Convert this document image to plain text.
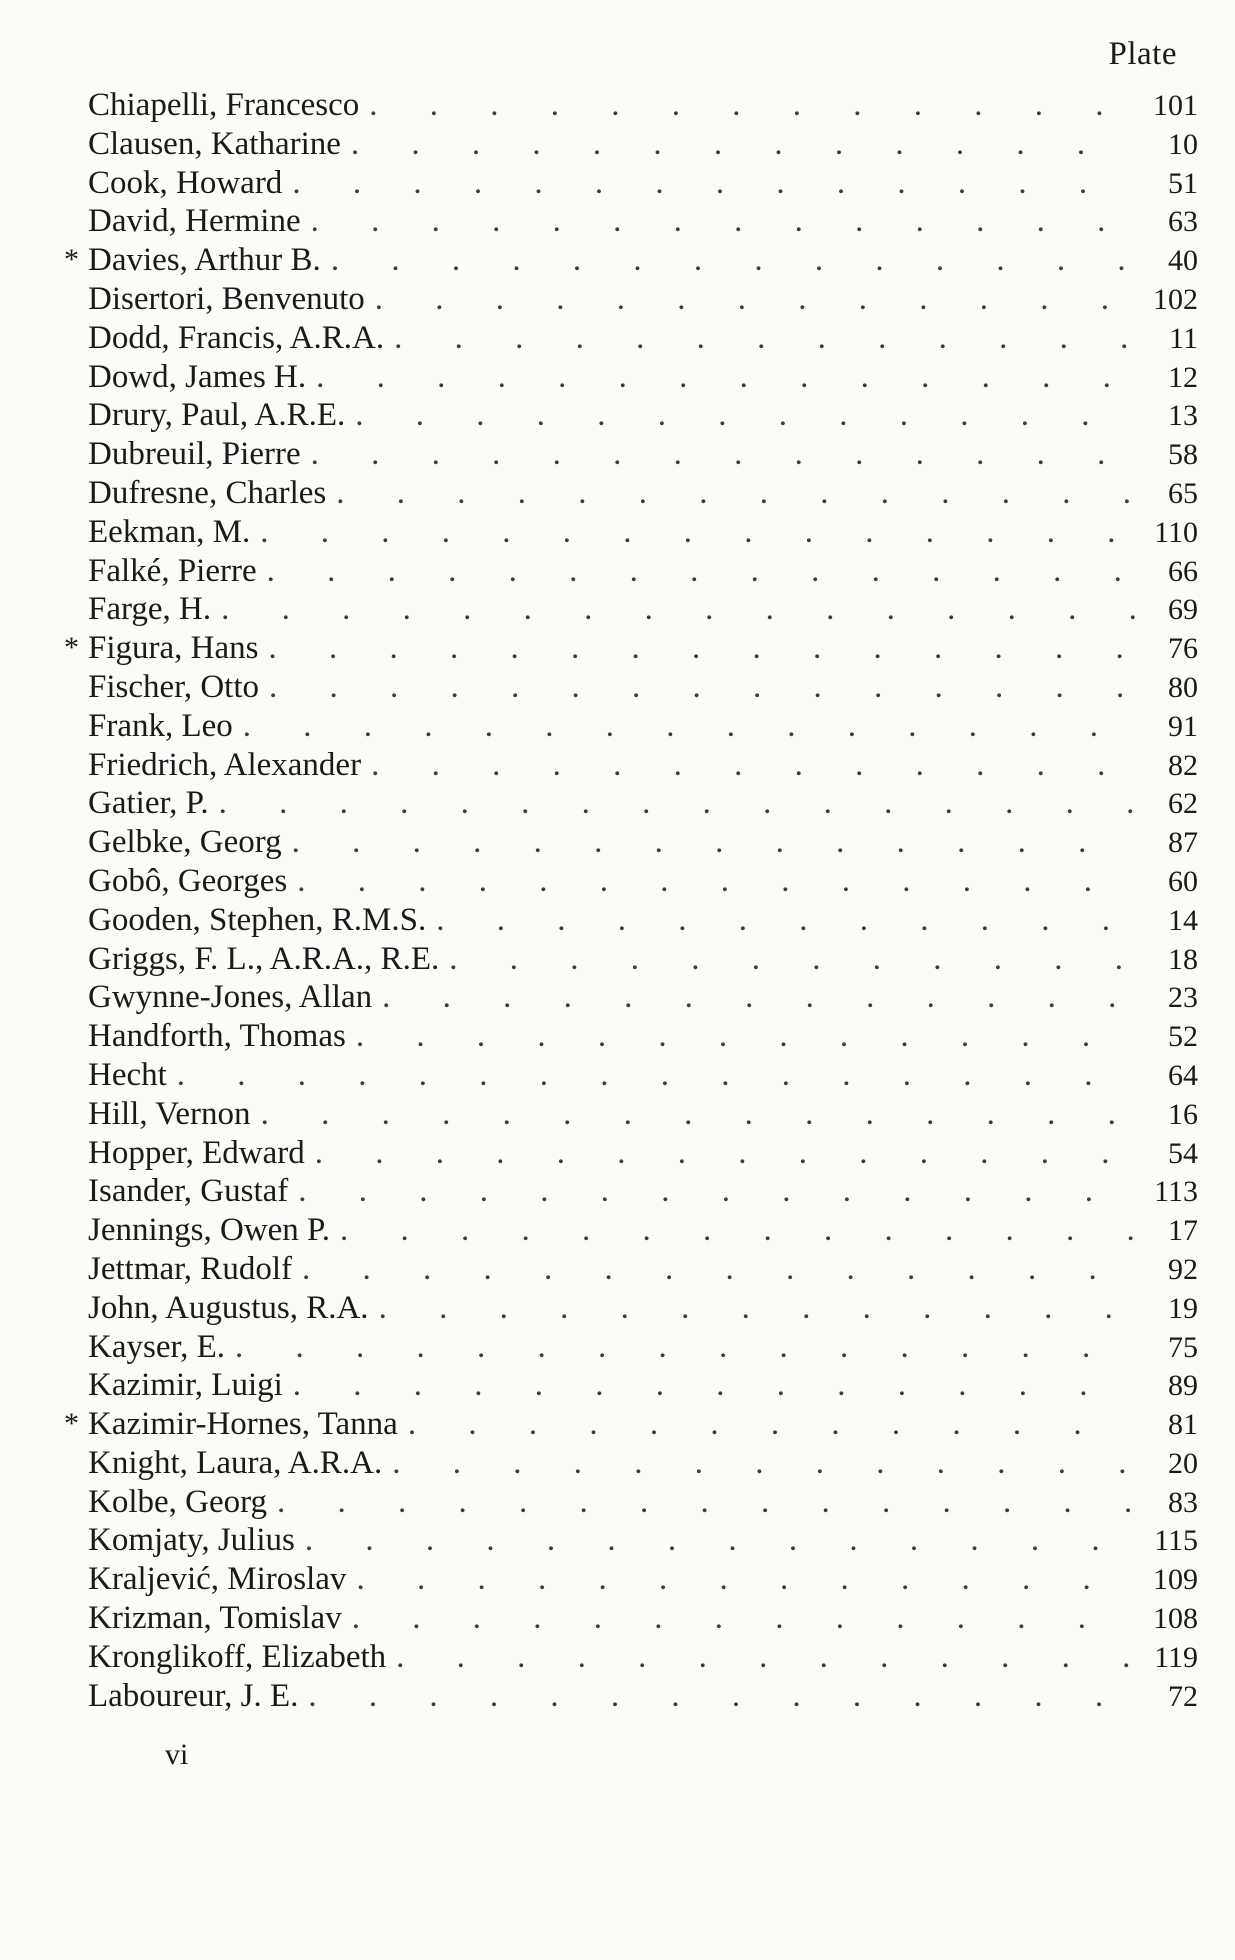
Plate
Chiapelli, Francesco . . .	101
Clausen, Katharine . . .	10
Cook, Howard . . .	51
David, Hermine . . .	63
* Davies, Arthur B. . . .	40
Disertori, Benvenuto . . .	102
Dodd, Francis, A.R.A. . . .	11
Dowd, James H. . . .	12
Drury, Paul, A.R.E. . . .	13
Dubreuil, Pierre . . .	58
Dufresne, Charles . . .	65
Eekman, M. . . .	110
Falké, Pierre . . .	66
Farge, H. . . .	69
* Figura, Hans . . .	76
Fischer, Otto . . .	80
Frank, Leo . . .	91
Friedrich, Alexander . . .	82
Gatier, P. . . .	62
Gelbke, Georg . . .	87
Gobô, Georges . . .	60
Gooden, Stephen, R.M.S. . . .	14
Griggs, F. L., A.R.A., R.E. . . .	18
Gwynne-Jones, Allan . . .	23
Handforth, Thomas . . .	52
Hecht . . .	64
Hill, Vernon . . .	16
Hopper, Edward . . .	54
Isander, Gustaf . . .	113
Jennings, Owen P. . . .	17
Jettmar, Rudolf . . .	92
John, Augustus, R.A. . . .	19
Kayser, E. . . .	75
Kazimir, Luigi . . .	89
* Kazimir-Hornes, Tanna . . .	81
Knight, Laura, A.R.A. . . .	20
Kolbe, Georg . . .	83
Komjaty, Julius . . .	115
Kraljević, Miroslav . . .	109
Krizman, Tomislav . . .	108
Kronglikoff, Elizabeth . . .	119
Laboureur, J. E. . . .	72
vi
